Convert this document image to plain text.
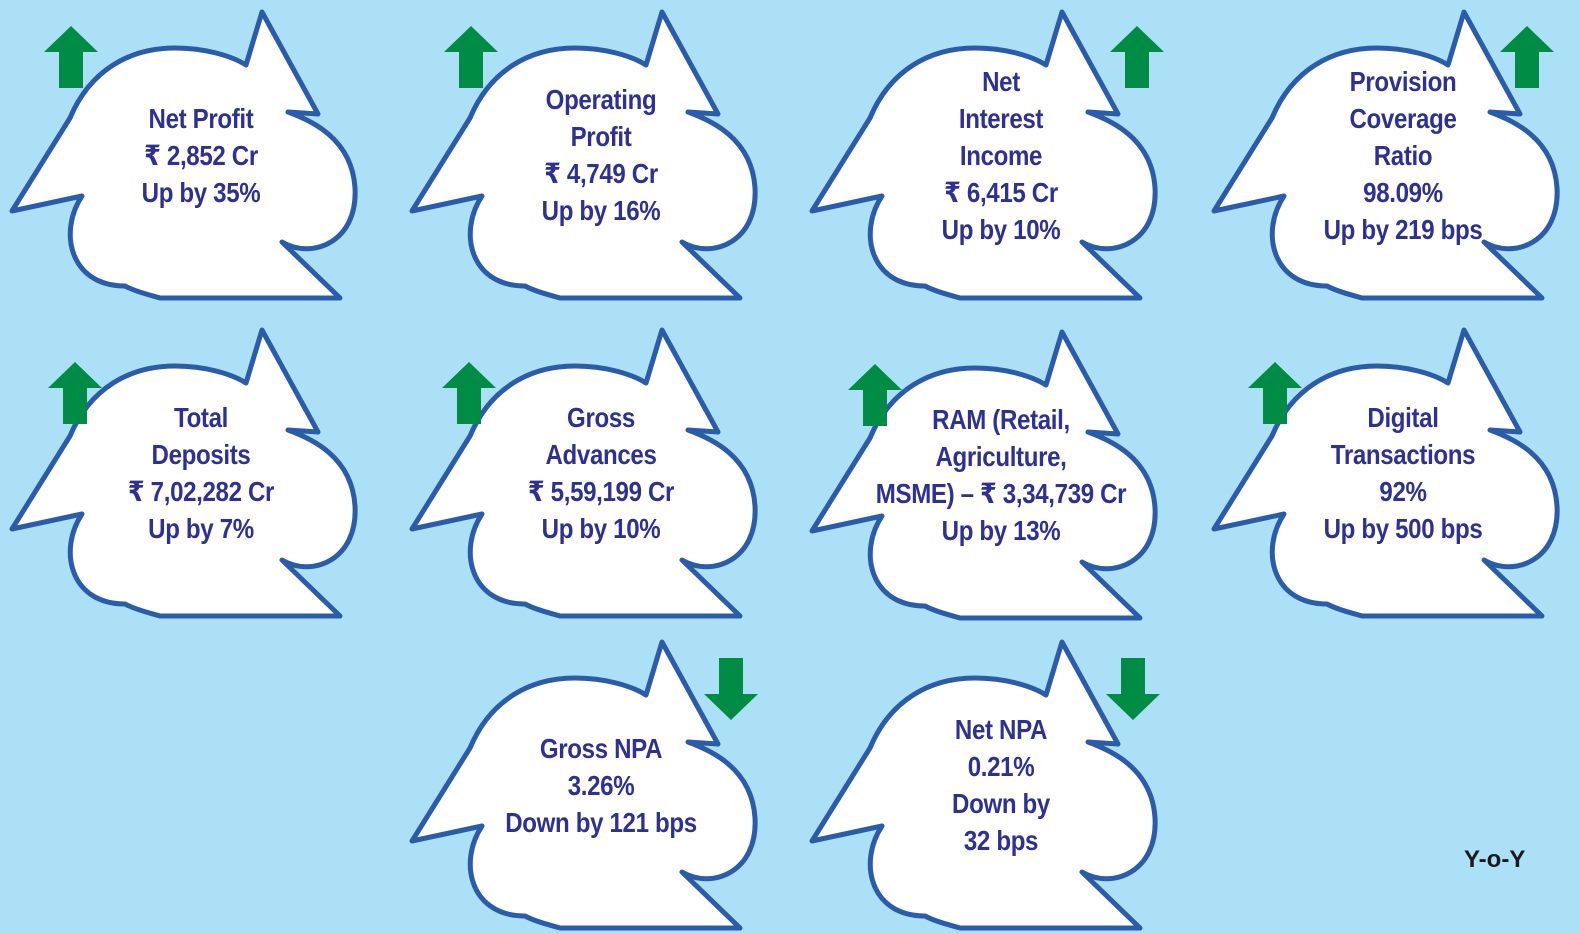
Net Profit
₹ 2,852 Cr
Up by 35%
Operating
Profit
₹ 4,749 Cr
Up by 16%
Net
Interest
Income
₹ 6,415 Cr
Up by 10%
Provision
Coverage
Ratio
98.09%
Up by 219 bps
Total
Deposits
₹ 7,02,282 Cr
Up by 7%
Gross
Advances
₹ 5,59,199 Cr
Up by 10%
RAM (Retail,
Agriculture,
MSME) – ₹ 3,34,739 Cr
Up by 13%
Digital
Transactions
92%
Up by 500 bps
Gross NPA
3.26%
Down by 121 bps
Net NPA
0.21%
Down by
32 bps
Y-o-Y
